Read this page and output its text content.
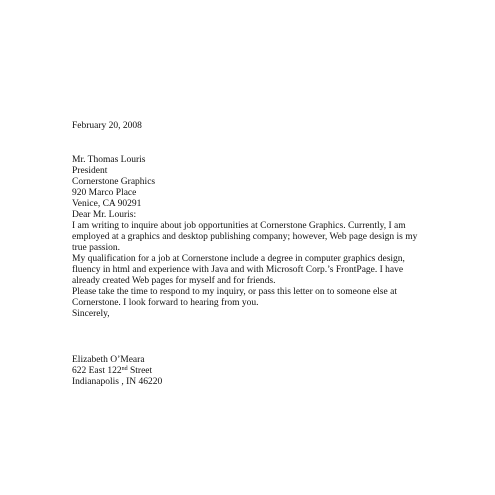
February 20, 2008

Mr. Thomas Louris
President
Cornerstone Graphics
920 Marco Place
Venice, CA 90291

Dear Mr. Louris:

I am writing to inquire about job opportunities at Cornerstone Graphics. Currently, I am employed at a graphics and desktop publishing company; however, Web page design is my true passion.

My qualification for a job at Cornerstone include a degree in computer graphics design, fluency in html and experience with Java and with Microsoft Corp.’s FrontPage. I have already created Web pages for myself and for friends.

Please take the time to respond to my inquiry, or pass this letter on to someone else at Cornerstone. I look forward to hearing from you.

Sincerely,

Elizabeth O’Meara
622 East 122nd Street
Indianapolis , IN 46220
